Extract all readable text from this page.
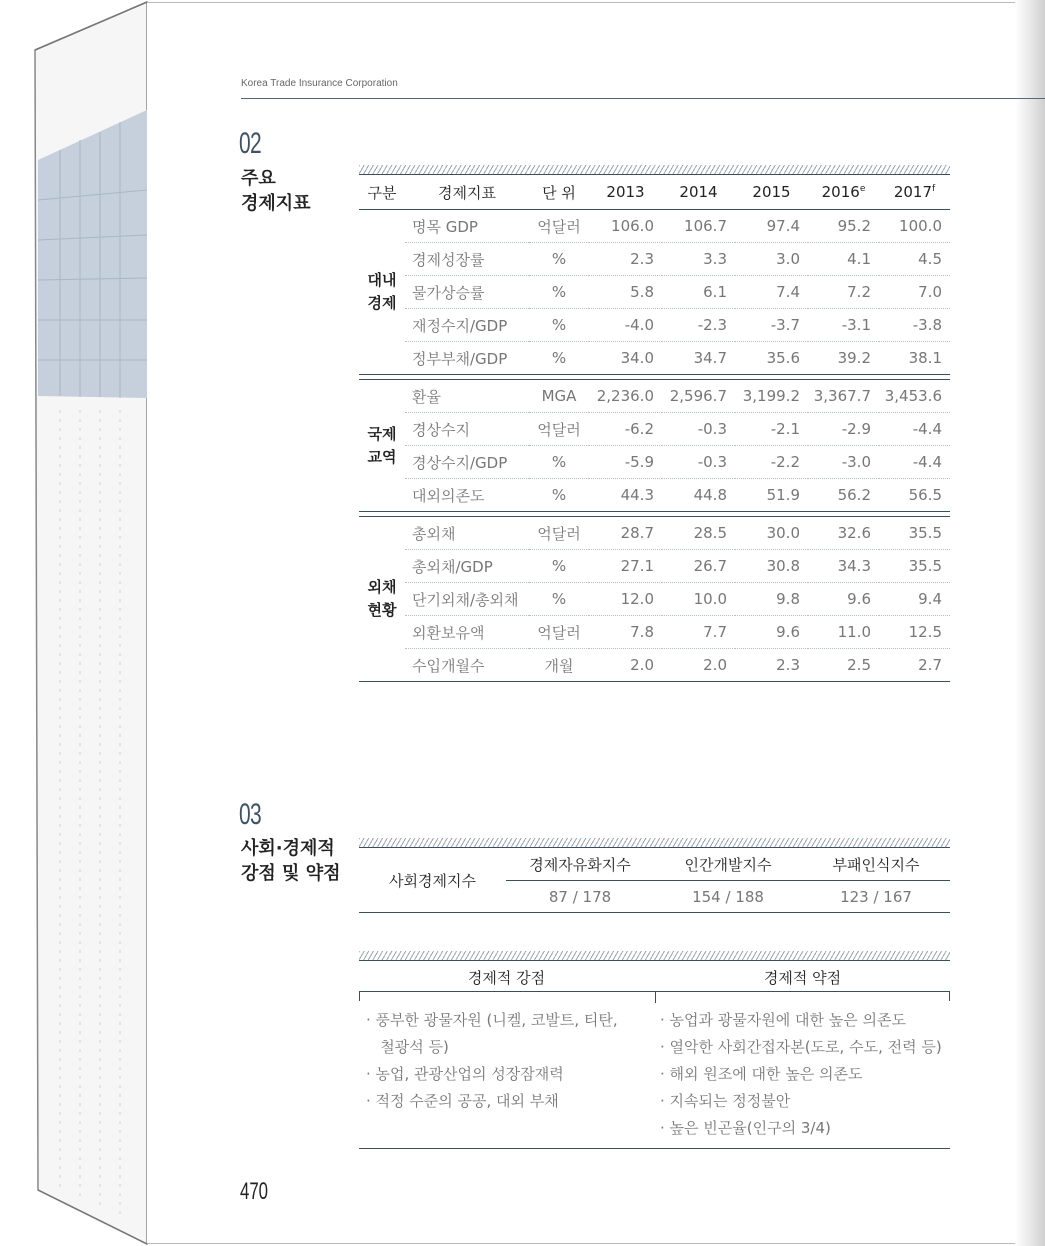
Korea Trade Insurance Corporation
02
주요
경제지표
구분	경제지표	단 위	2013	2014	2015	2016e	2017$^f$

대내
경제	명목 GDP	억달러	106.0	106.7	97.4	95.2	100.0
	경제성장률	%	2.3	3.3	3.0	4.1	4.5
	물가상승률	%	5.8	6.1	7.4	7.2	7.0
	재정수지/GDP	%	-4.0	-2.3	-3.7	-3.1	-3.8
	정부부채/GDP	%	34.0	34.7	35.6	39.2	38.1

국제
교역	환율	MGA	2,236.0	2,596.7	3,199.2	3,367.7	3,453.6
	경상수지	억달러	-6.2	-0.3	-2.1	-2.9	-4.4
	경상수지/GDP	%	-5.9	-0.3	-2.2	-3.0	-4.4
	대외의존도	%	44.3	44.8	51.9	56.2	56.5

외채
현황	총외채	억달러	28.7	28.5	30.0	32.6	35.5
	총외채/GDP	%	27.1	26.7	30.8	34.3	35.5
	단기외채/총외채	%	12.0	10.0	9.8	9.6	9.4
	외환보유액	억달러	7.8	7.7	9.6	11.0	12.5
	수입개월수	개월	2.0	2.0	2.3	2.5	2.7
03
사회·경제적
강점 및 약점	사회경제지수	경제자유화지수	인간개발지수	부패인식지수
	87 / 178	154 / 188	123 / 167
경제적 강점	경제적 약점
· 풍부한 광물자원 (니켈, 코발트, 티탄,
철광석 등)
· 농업, 관광산업의 성장잠재력
· 적정 수준의 공공, 대외 부채
· 농업과 광물자원에 대한 높은 의존도
· 열악한 사회간접자본(도로, 수도, 전력 등)
· 해외 원조에 대한 높은 의존도
· 지속되는 정정불안
· 높은 빈곤율(인구의 3/4)
470
